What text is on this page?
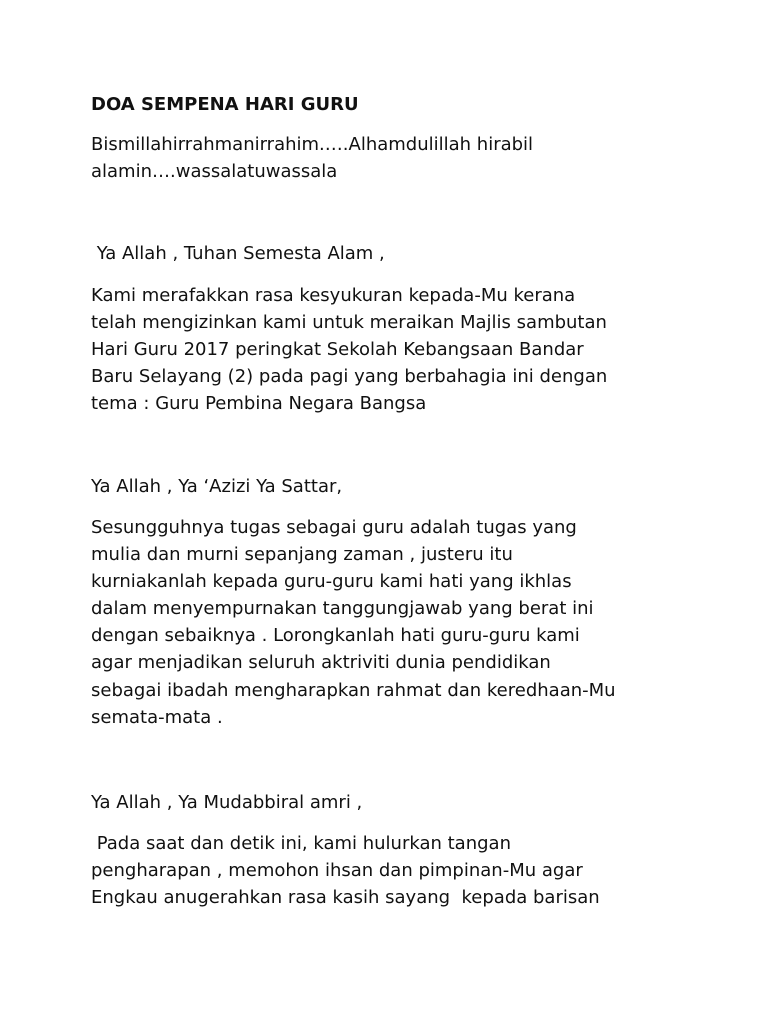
DOA SEMPENA HARI GURU
Bismillahirrahmanirrahim.….Alhamdulillah hirabil
alamin….wassalatuwassala
Ya Allah , Tuhan Semesta Alam ,
Kami merafakkan rasa kesyukuran kepada-Mu kerana
telah mengizinkan kami untuk meraikan Majlis sambutan
Hari Guru 2017 peringkat Sekolah Kebangsaan Bandar
Baru Selayang (2) pada pagi yang berbahagia ini dengan
tema : Guru Pembina Negara Bangsa
Ya Allah , Ya ‘Azizi Ya Sattar,
Sesungguhnya tugas sebagai guru adalah tugas yang
mulia dan murni sepanjang zaman , justeru itu
kurniakanlah kepada guru-guru kami hati yang ikhlas
dalam menyempurnakan tanggungjawab yang berat ini
dengan sebaiknya . Lorongkanlah hati guru-guru kami
agar menjadikan seluruh aktriviti dunia pendidikan
sebagai ibadah mengharapkan rahmat dan keredhaan-Mu
semata-mata .
Ya Allah , Ya Mudabbiral amri ,
Pada saat dan detik ini, kami hulurkan tangan
pengharapan , memohon ihsan dan pimpinan-Mu agar
Engkau anugerahkan rasa kasih sayang  kepada barisan
